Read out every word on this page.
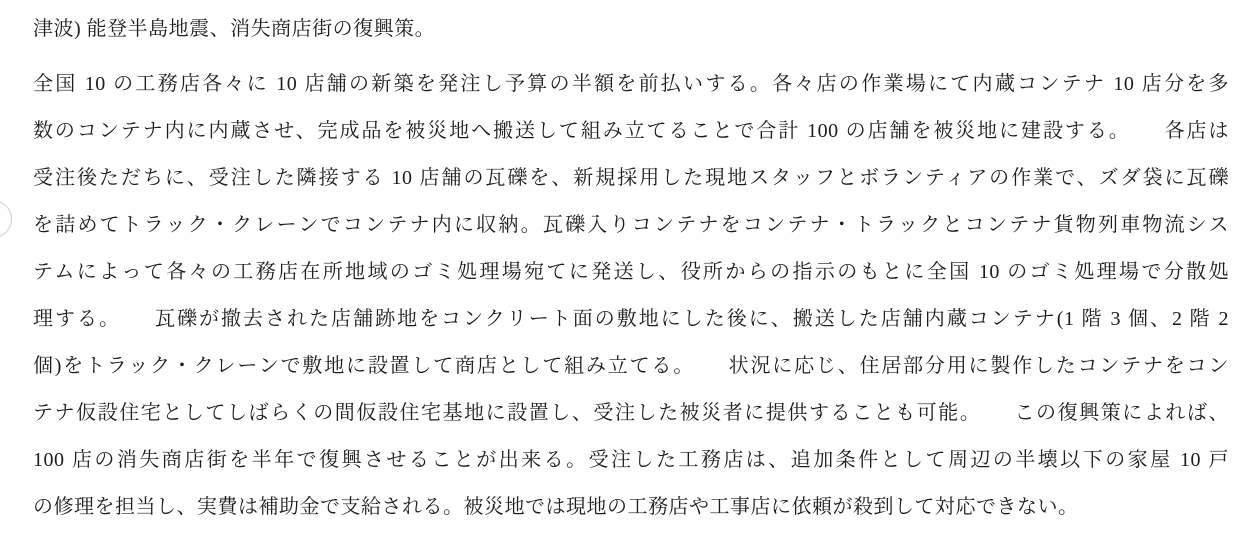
津波) 能登半島地震、消失商店街の復興策。
全国 10 の工務店各々に 10 店舗の新築を発注し予算の半額を前払いする。各々店の作業場にて内蔵コンテナ 10 店分を多
数のコンテナ内に内蔵させ、完成品を被災地へ搬送して組み立てることで合計 100 の店舗を被災地に建設する。　　各店は
受注後ただちに、受注した隣接する 10 店舗の瓦礫を、新規採用した現地スタッフとボランティアの作業で、ズダ袋に瓦礫
を詰めてトラック・クレーンでコンテナ内に収納。瓦礫入りコンテナをコンテナ・トラックとコンテナ貨物列車物流シス
テムによって各々の工務店在所地域のゴミ処理場宛てに発送し、役所からの指示のもとに全国 10 のゴミ処理場で分散処
理する。　　瓦礫が撤去された店舗跡地をコンクリート面の敷地にした後に、搬送した店舗内蔵コンテナ(1 階 3 個、2 階 2
個)をトラック・クレーンで敷地に設置して商店として組み立てる。　　状況に応じ、住居部分用に製作したコンテナをコン
テナ仮設住宅としてしばらくの間仮設住宅基地に設置し、受注した被災者に提供することも可能。　　この復興策によれば、
100 店の消失商店街を半年で復興させることが出来る。受注した工務店は、追加条件として周辺の半壊以下の家屋 10 戸
の修理を担当し、実費は補助金で支給される。被災地では現地の工務店や工事店に依頼が殺到して対応できない。
